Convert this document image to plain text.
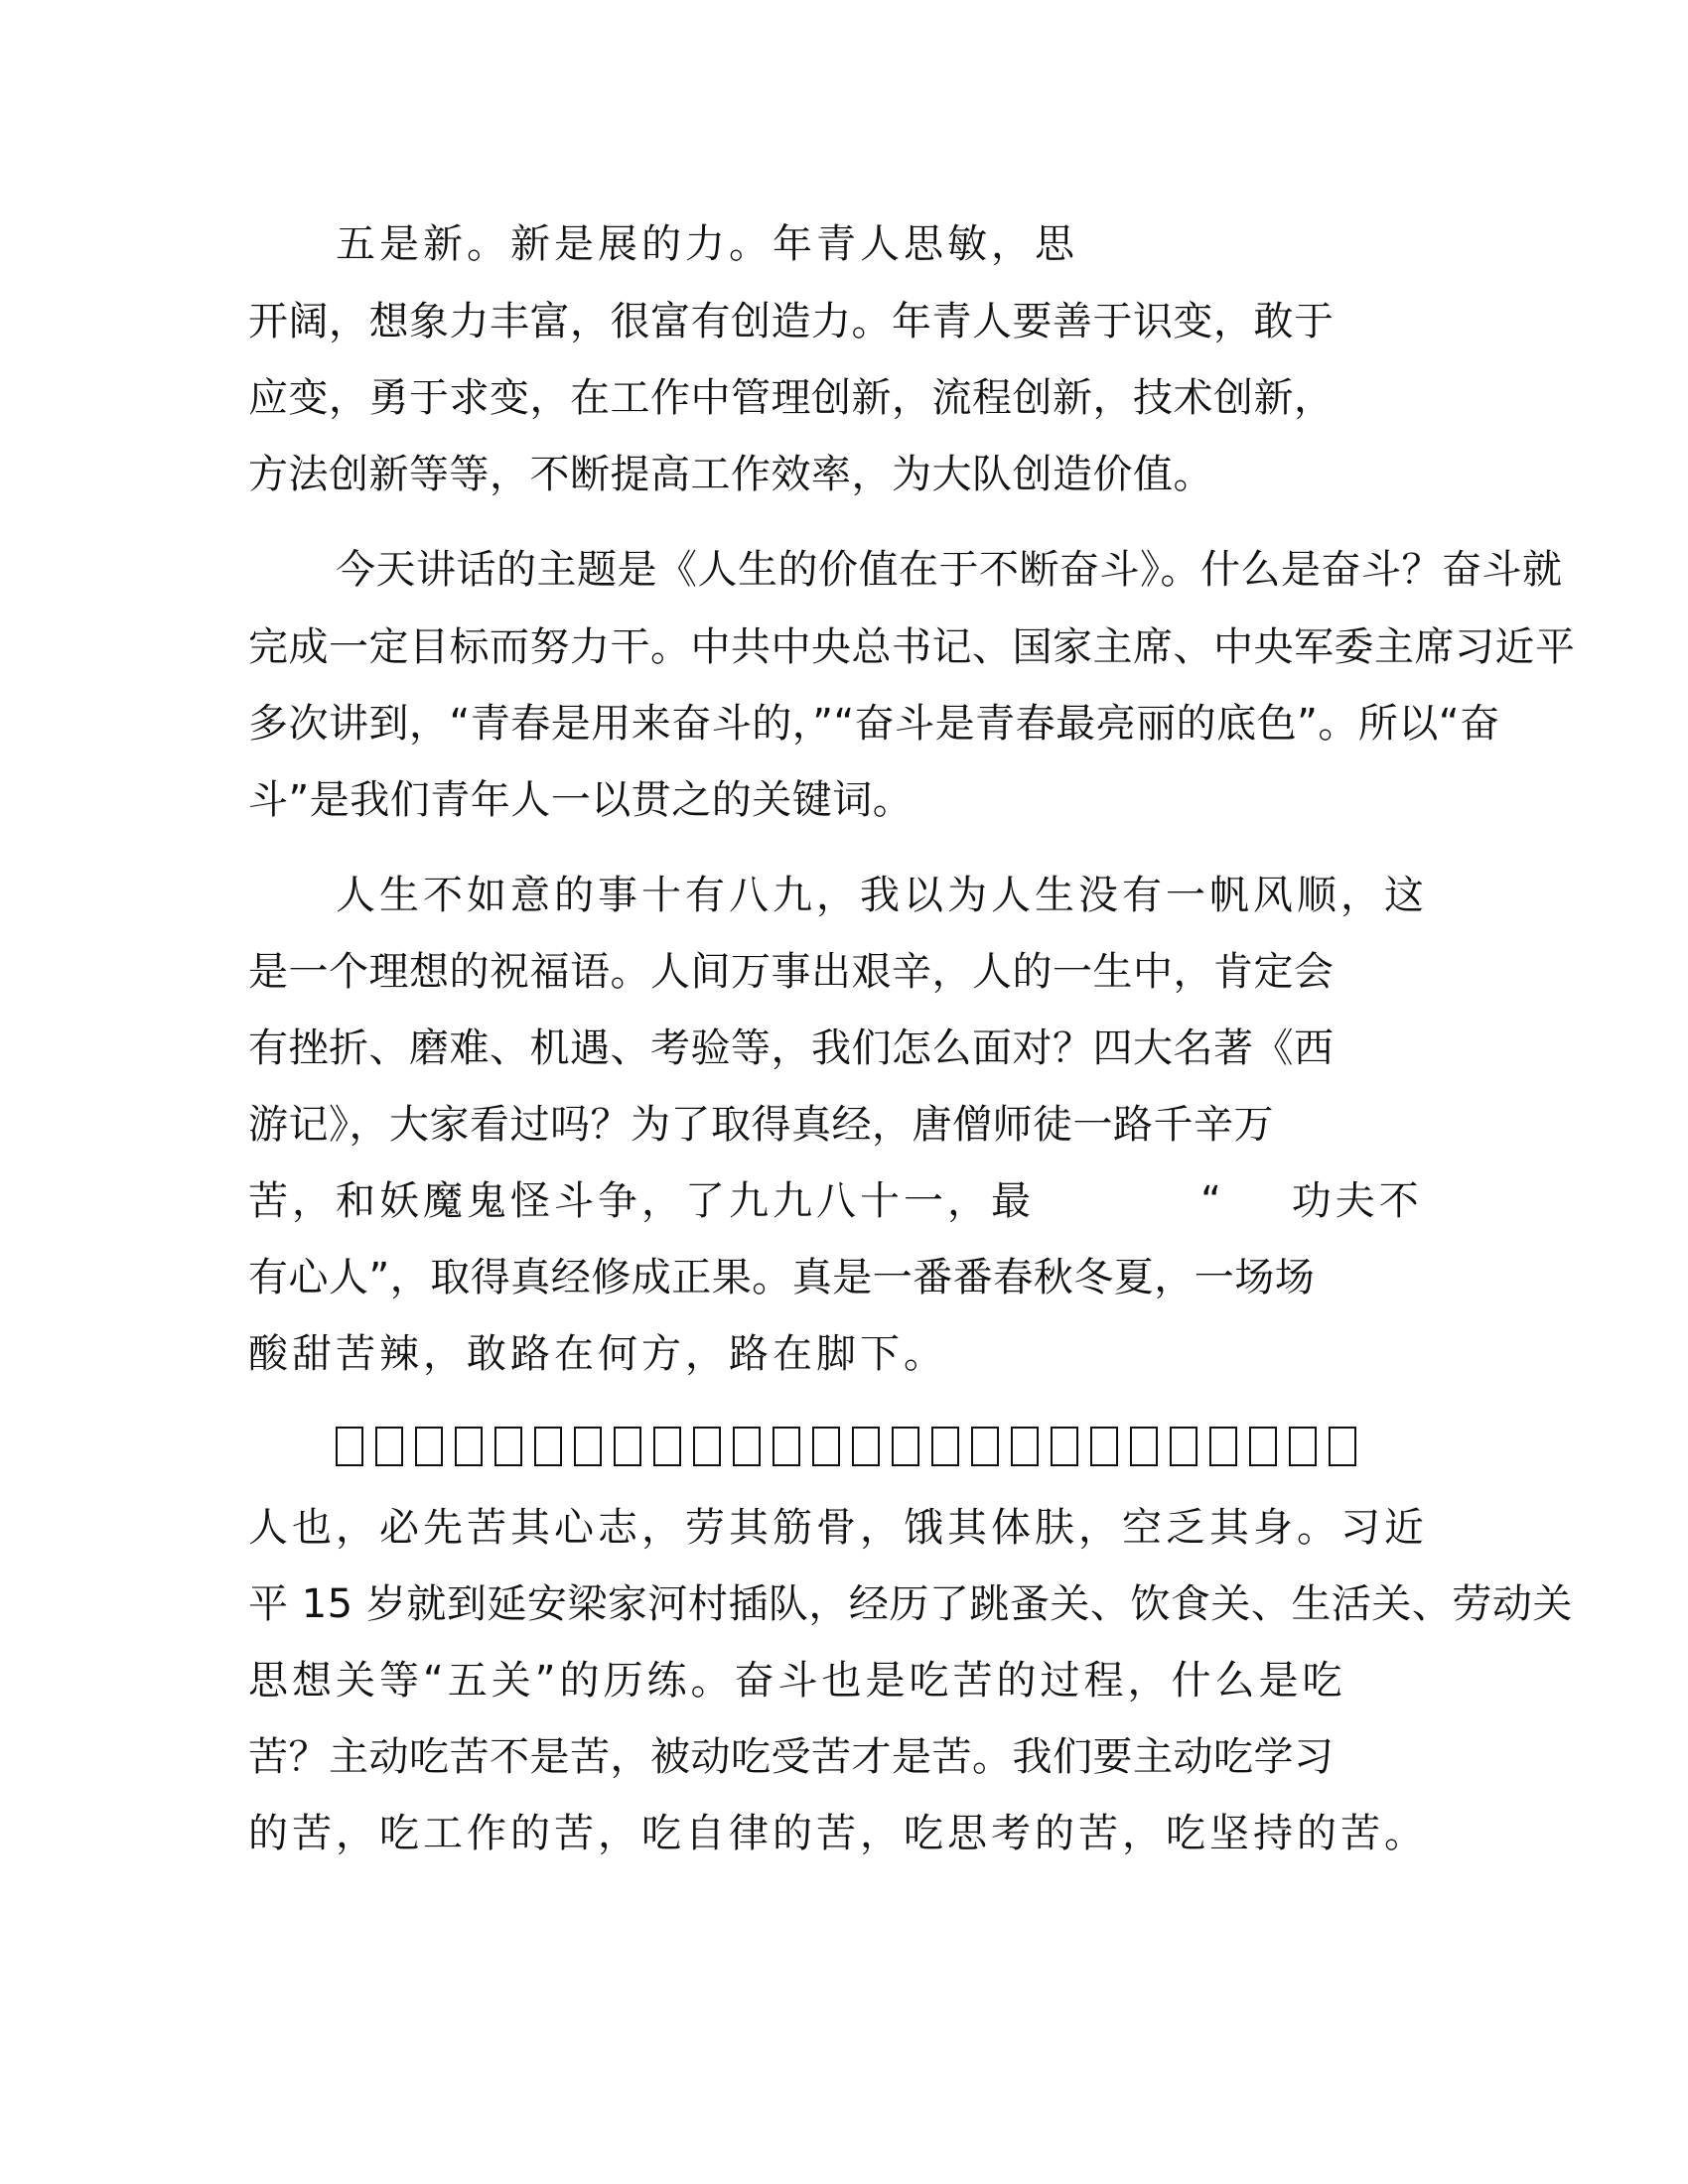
五是新。新是展的力。年青人思敏，思
开阔，想象力丰富，很富有创造力。年青人要善于识变，敢于
应变，勇于求变，在工作中管理创新，流程创新，技术创新，
方法创新等等，不断提高工作效率，为大队创造价值。
今天讲话的主题是《人生的价值在于不断奋斗》。什么是奋斗？奋斗就
完成一定目标而努力干。中共中央总书记、国家主席、中央军委主席习近平
多次讲到，“青春是用来奋斗的，”“奋斗是青春最亮丽的底色”。所以“奋
斗”是我们青年人一以贯之的关键词。
人生不如意的事十有八九，我以为人生没有一帆风顺，这
是一个理想的祝福语。人间万事出艰辛，人的一生中，肯定会
有挫折、磨难、机遇、考验等，我们怎么面对？四大名著《西
游记》，大家看过吗？为了取得真经，唐僧师徒一路千辛万
苦，和妖魔鬼怪斗争，了九九八十一，最          “    功夫不
有心人”，取得真经修成正果。真是一番番春秋冬夏，一场场
酸甜苦辣，敢路在何方，路在脚下。
人也，必先苦其心志，劳其筋骨，饿其体肤，空乏其身。习近
平 15 岁就到延安梁家河村插队，经历了跳蚤关、饮食关、生活关、劳动关
思想关等“五关”的历练。奋斗也是吃苦的过程，什么是吃
苦？主动吃苦不是苦，被动吃受苦才是苦。我们要主动吃学习
的苦，吃工作的苦，吃自律的苦，吃思考的苦，吃坚持的苦。
